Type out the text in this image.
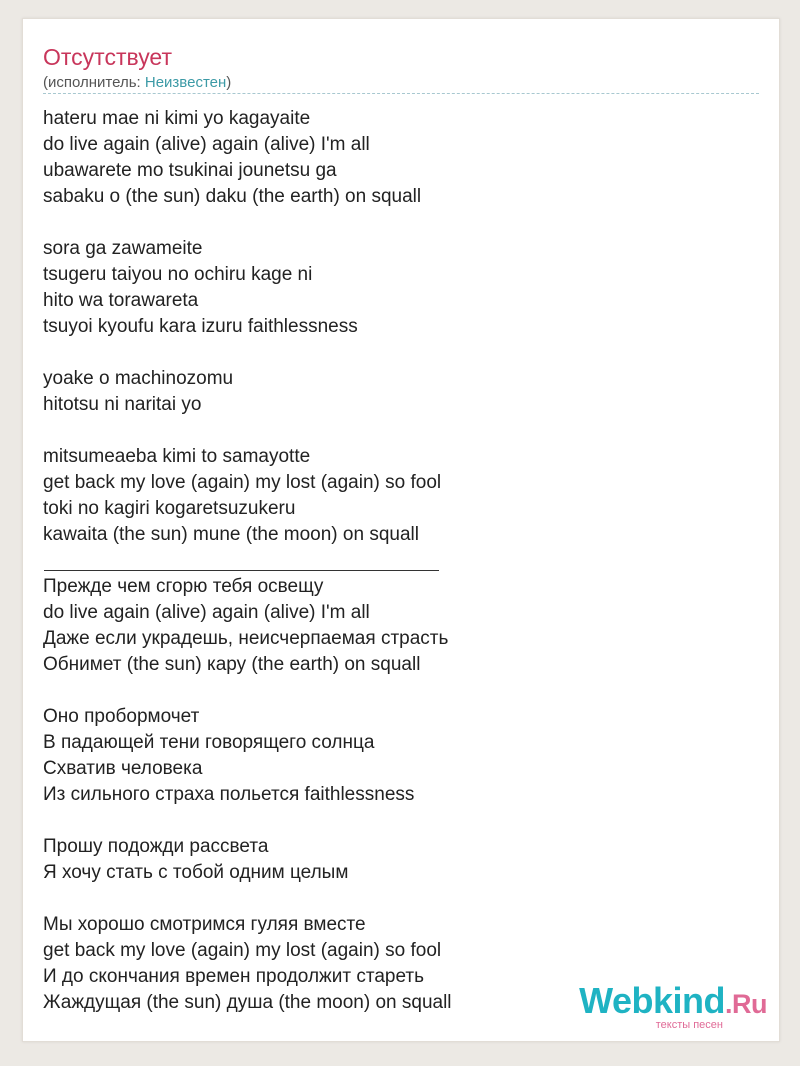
Отсутствует
(исполнитель: Неизвестен)
hateru mae ni kimi yo kagayaite
do live again (alive) again (alive) I'm all
ubawarete mo tsukinai jounetsu ga
sabaku o (the sun) daku (the earth) on squall
sora ga zawameite
tsugeru taiyou no ochiru kage ni
hito wa torawareta
tsuyoi kyoufu kara izuru faithlessness
yoake o machinozomu
hitotsu ni naritai yo
mitsumeaeba kimi to samayotte
get back my love (again) my lost (again) so fool
toki no kagiri kogaretsuzukeru
kawaita (the sun) mune (the moon) on squall
Прежде чем сгорю тебя освещу
do live again (alive) again (alive) I'm all
Даже если украдешь, неисчерпаемая страсть
Обнимет (the sun) кару (the earth) on squall
Оно пробормочет
В падающей тени говорящего солнца
Схватив человека
Из сильного страха польется faithlessness
Прошу подожди рассвета
Я хочу стать с тобой одним целым
Мы хорошо смотримся гуляя вместе
get back my love (again) my lost (again) so fool
И до скончания времен продолжит стареть
Жаждущая (the sun) душа (the moon) on squall	Webkind.Ru
тексты песен
